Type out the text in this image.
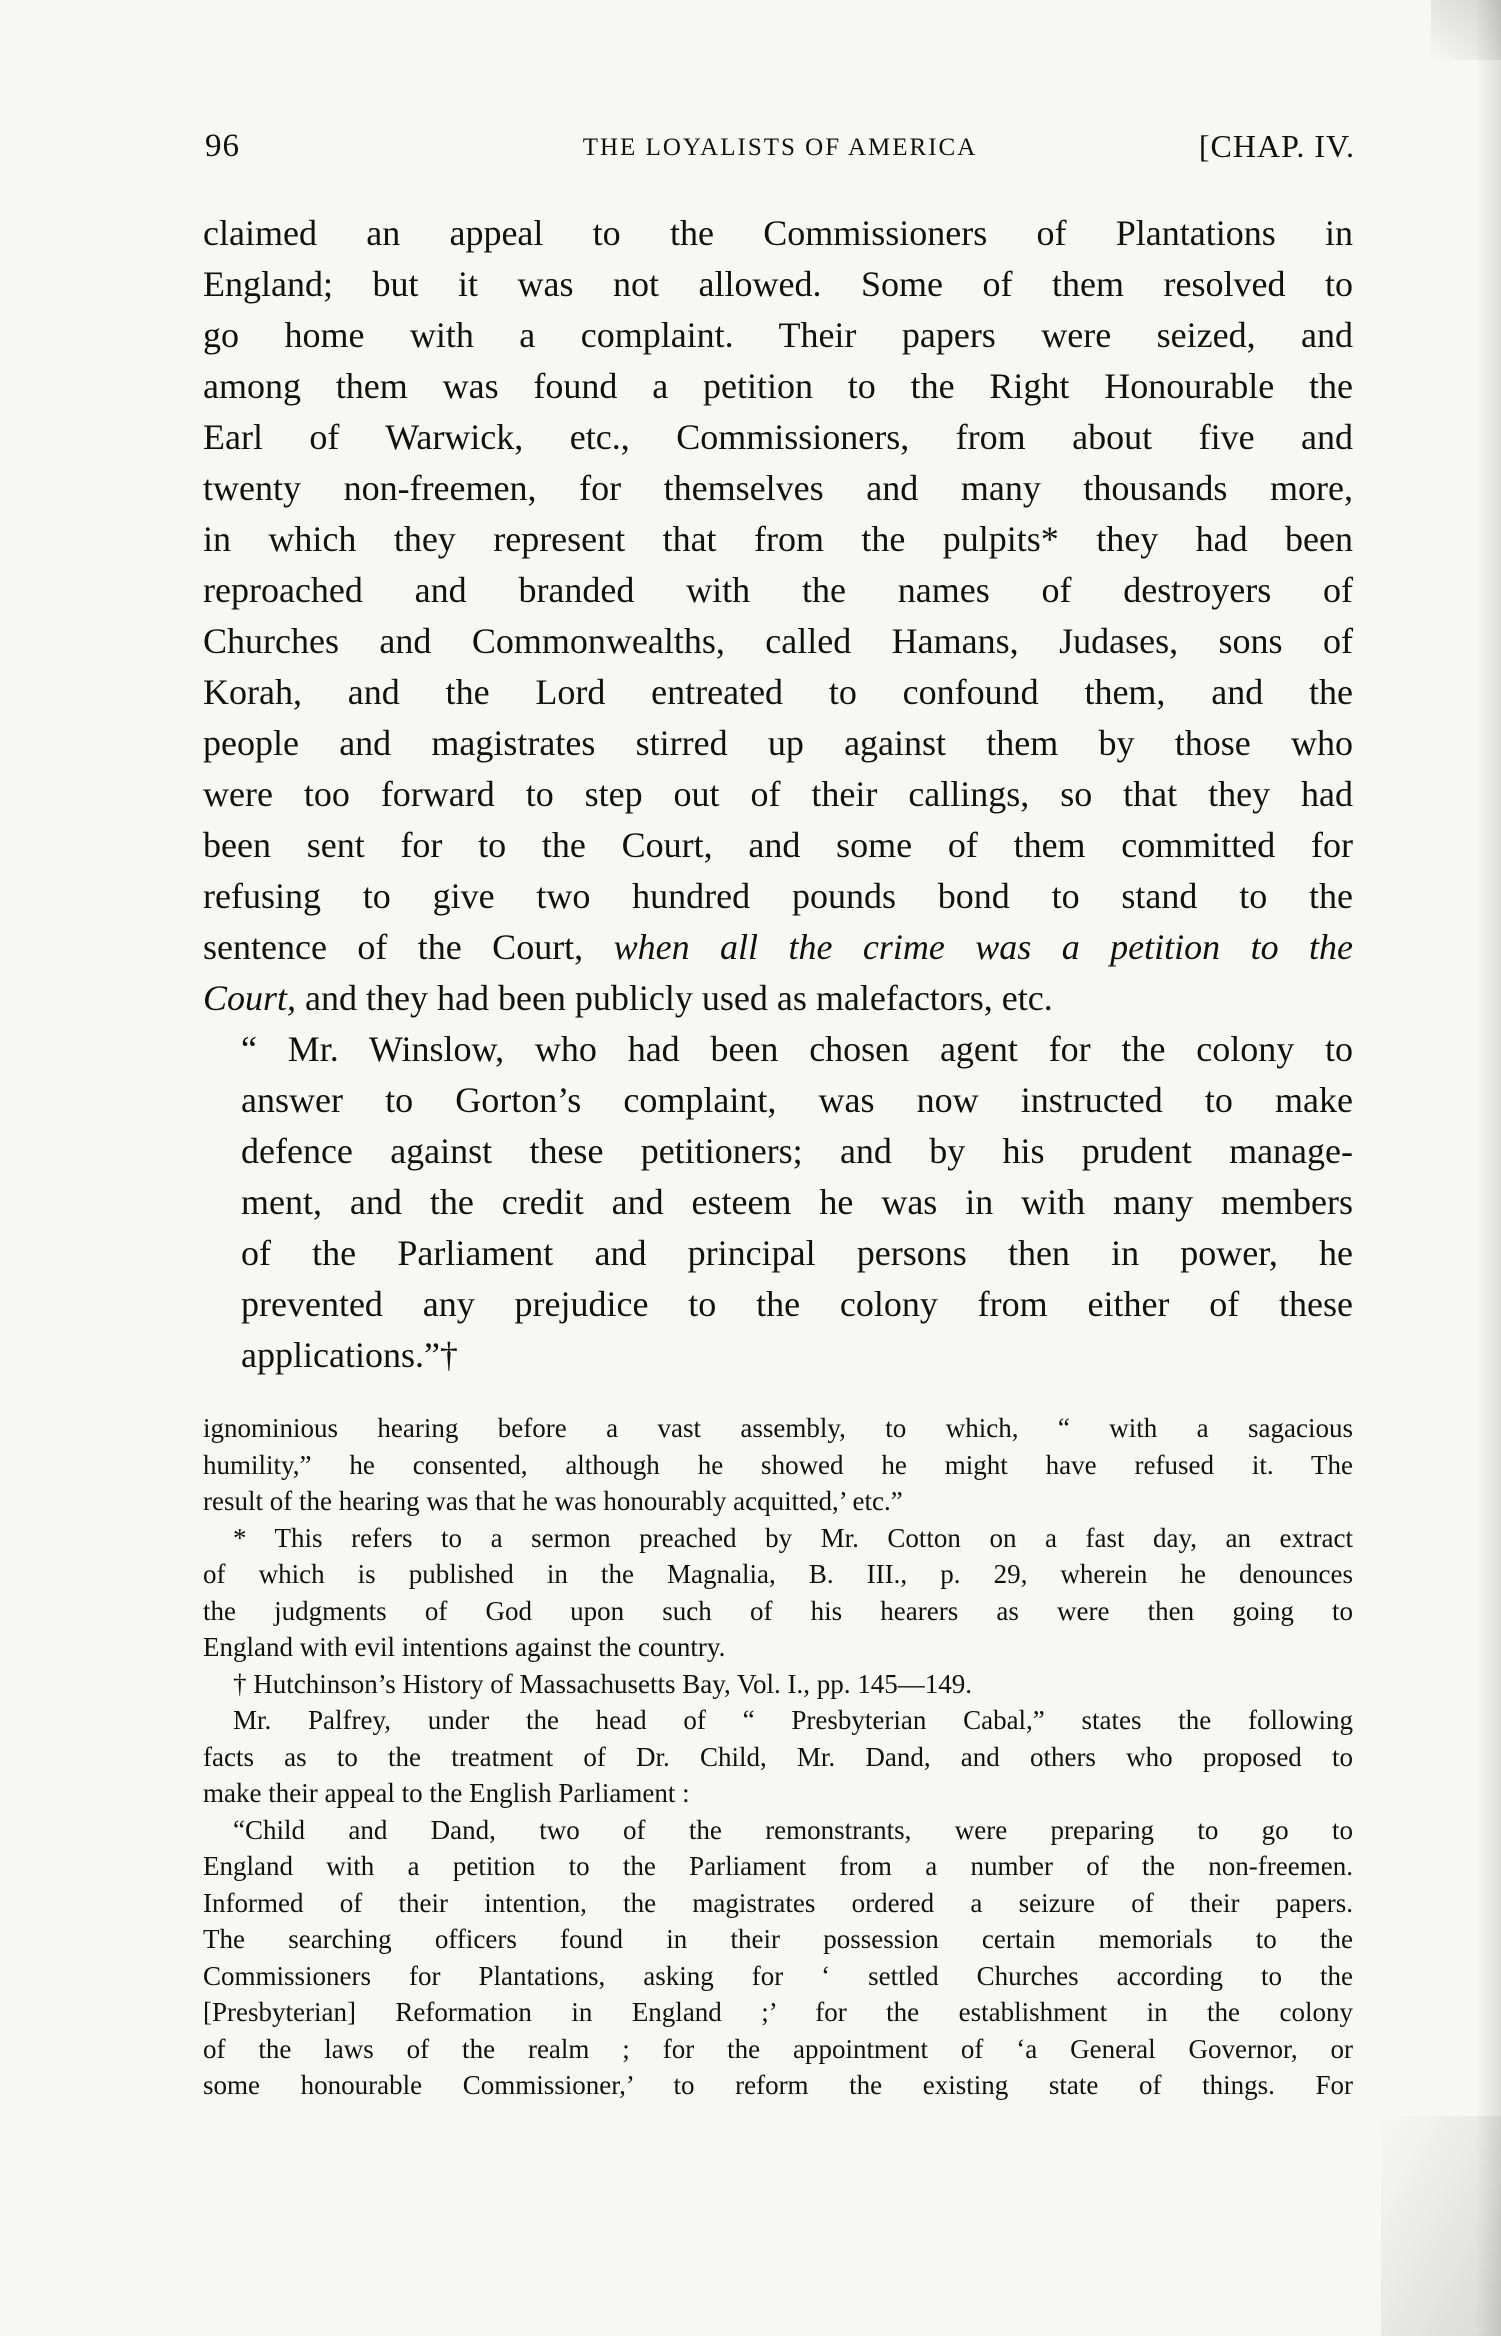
96	THE LOYALISTS OF AMERICA	[CHAP. IV.

claimed an appeal to the Commissioners of Plantations in
England; but it was not allowed. Some of them resolved to
go home with a complaint. Their papers were seized, and
among them was found a petition to the Right Honourable the
Earl of Warwick, etc., Commissioners, from about five and
twenty non-freemen, for themselves and many thousands more,
in which they represent that from the pulpits* they had been
reproached and branded with the names of destroyers of
Churches and Commonwealths, called Hamans, Judases, sons of
Korah, and the Lord entreated to confound them, and the
people and magistrates stirred up against them by those who
were too forward to step out of their callings, so that they had
been sent for to the Court, and some of them committed for
refusing to give two hundred pounds bond to stand to the
sentence of the Court, when all the crime was a petition to the
Court, and they had been publicly used as malefactors, etc.

“ Mr. Winslow, who had been chosen agent for the colony to
answer to Gorton’s complaint, was now instructed to make
defence against these petitioners; and by his prudent manage-
ment, and the credit and esteem he was in with many members
of the Parliament and principal persons then in power, he
prevented any prejudice to the colony from either of these
applications.”†

ignominious hearing before a vast assembly, to which, “ with a sagacious
humility,” he consented, although he showed he might have refused it. The
result of the hearing was that he was honourably acquitted,’ etc.”

* This refers to a sermon preached by Mr. Cotton on a fast day, an extract
of which is published in the Magnalia, B. III., p. 29, wherein he denounces
the judgments of God upon such of his hearers as were then going to
England with evil intentions against the country.

† Hutchinson’s History of Massachusetts Bay, Vol. I., pp. 145—149.

Mr. Palfrey, under the head of “ Presbyterian Cabal,” states the following
facts as to the treatment of Dr. Child, Mr. Dand, and others who proposed to
make their appeal to the English Parliament :

“Child and Dand, two of the remonstrants, were preparing to go to
England with a petition to the Parliament from a number of the non-freemen.
Informed of their intention, the magistrates ordered a seizure of their papers.
The searching officers found in their possession certain memorials to the
Commissioners for Plantations, asking for ‘ settled Churches according to the
[Presbyterian] Reformation in England ;’ for the establishment in the colony
of the laws of the realm ; for the appointment of ‘a General Governor, or
some honourable Commissioner,’ to reform the existing state of things. For
